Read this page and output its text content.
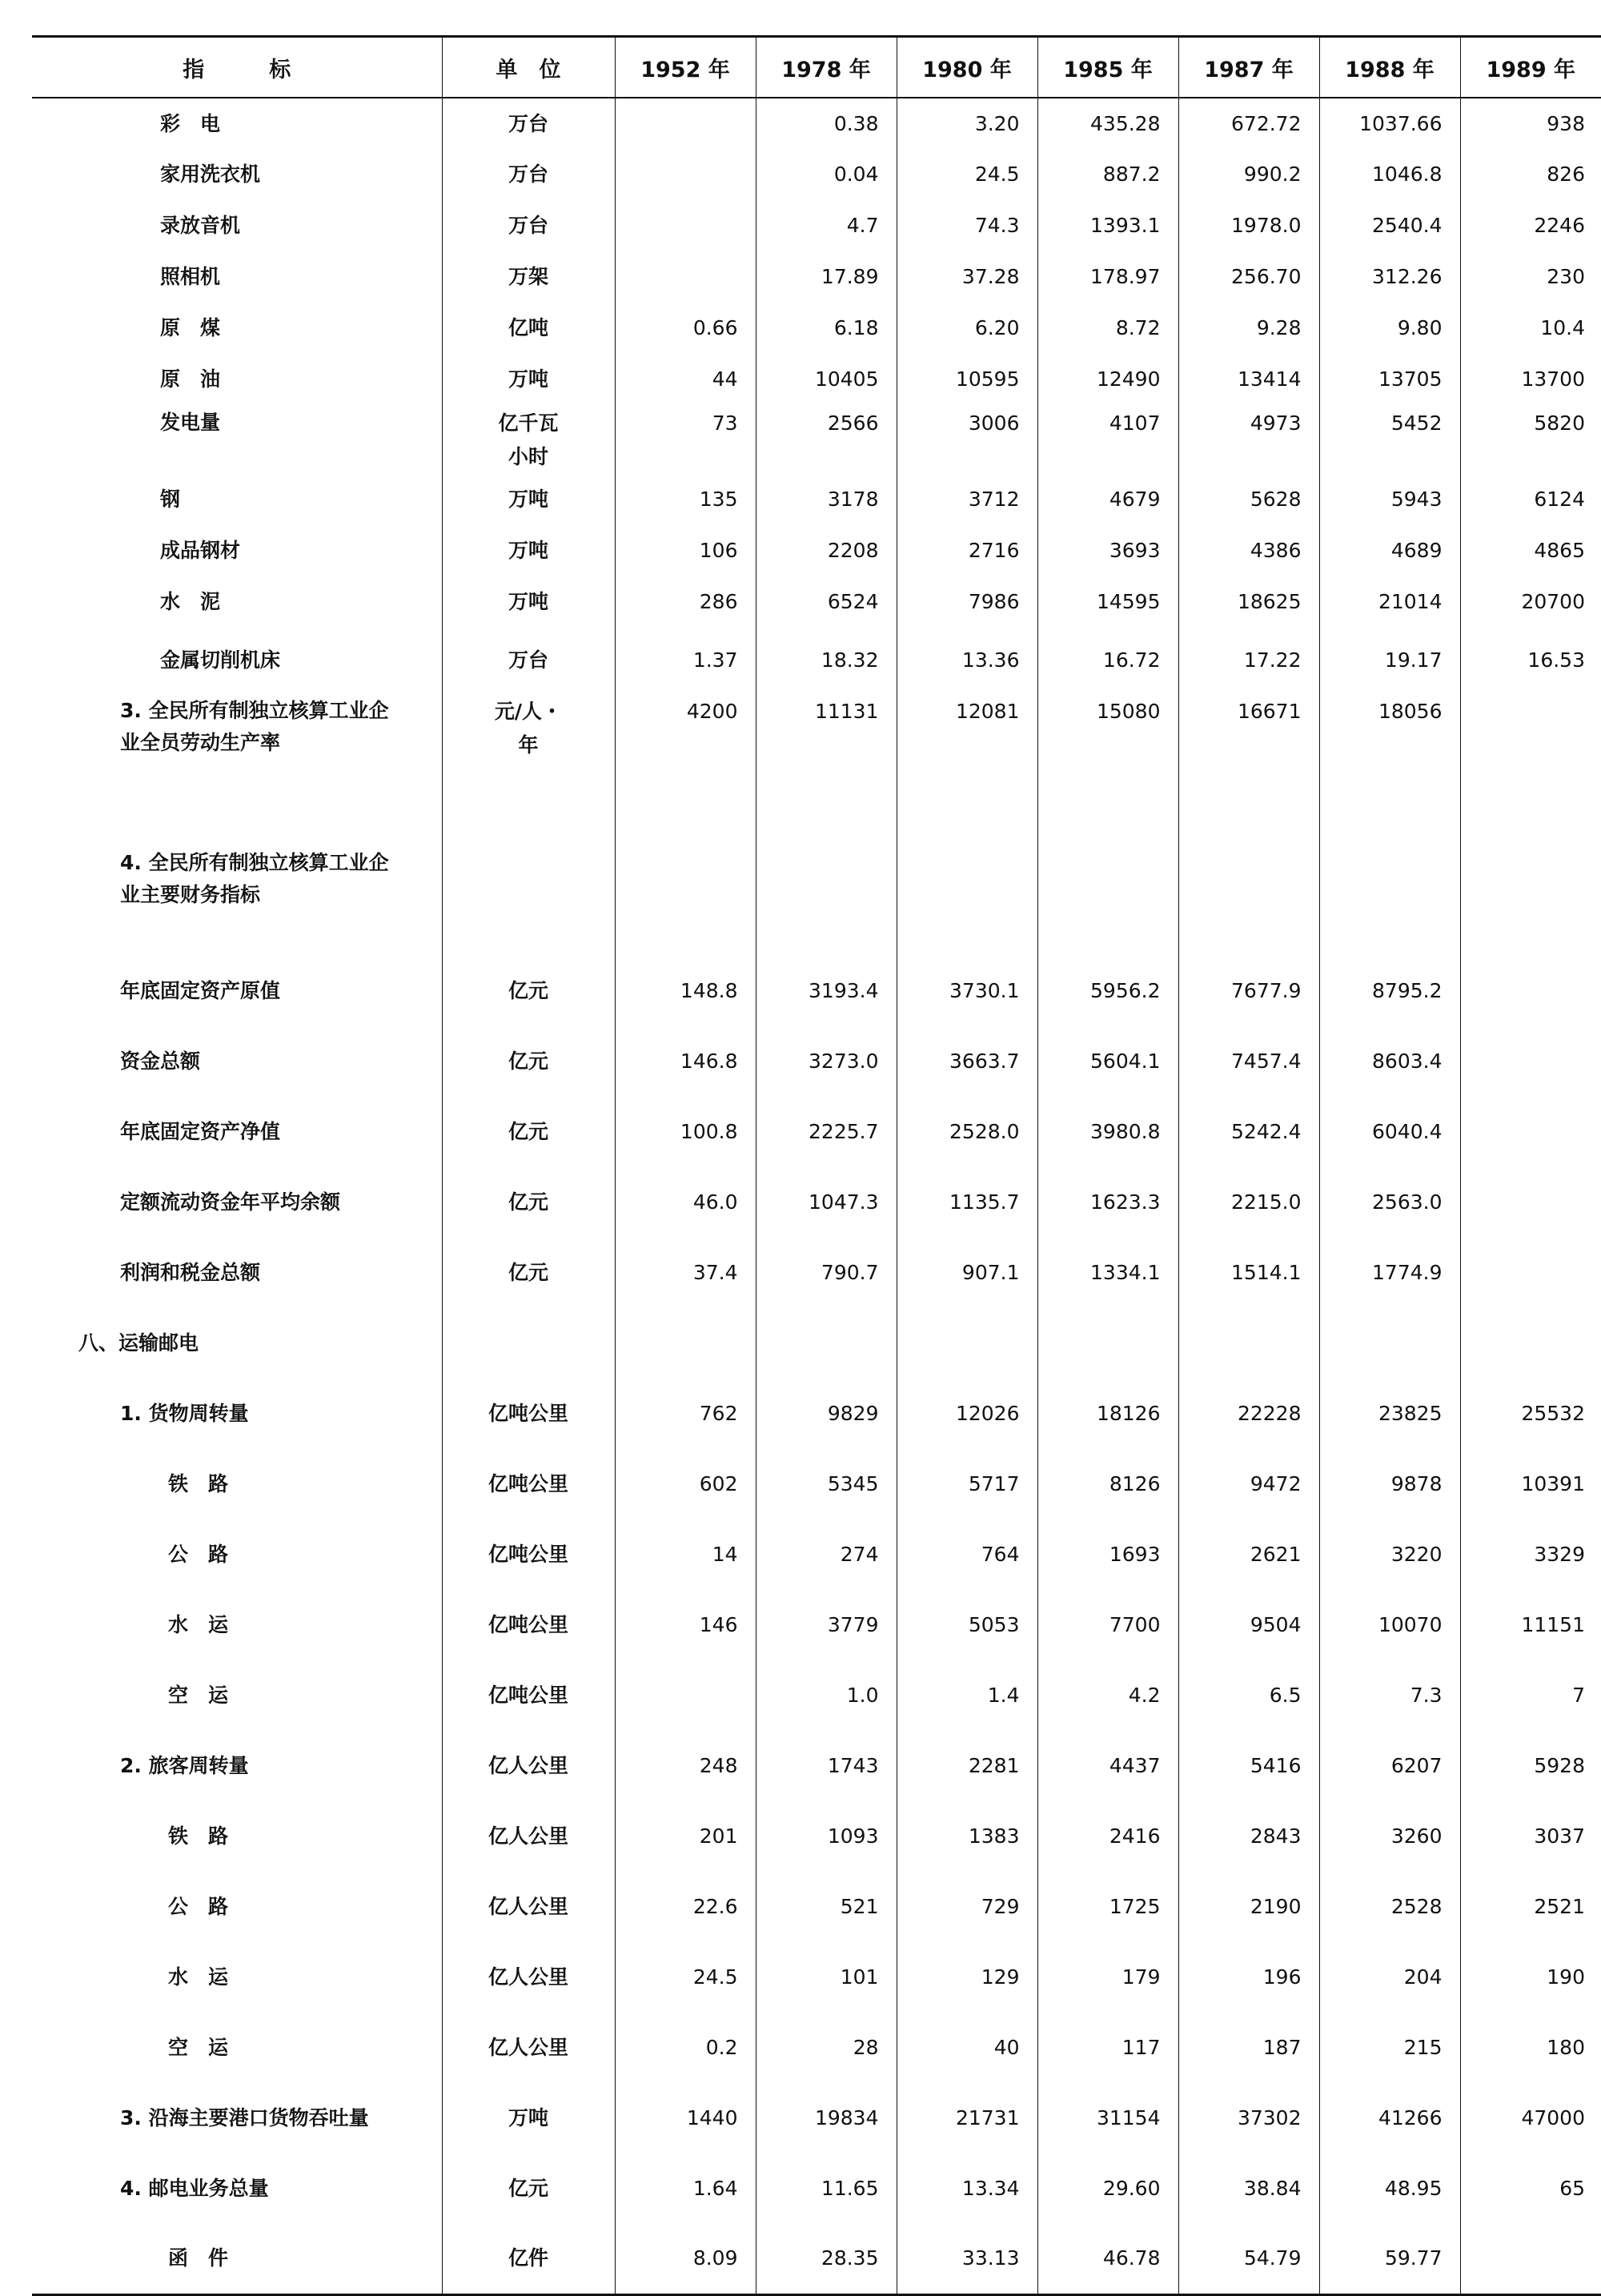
指　　　标	单　位	1952 年	1978 年	1980 年	1985 年	1987 年	1988 年	1989 年
彩　电	万台		0.38	3.20	435.28	672.72	1037.66	938
家用洗衣机	万台		0.04	24.5	887.2	990.2	1046.8	826
录放音机	万台		4.7	74.3	1393.1	1978.0	2540.4	2246
照相机	万架		17.89	37.28	178.97	256.70	312.26	230
原　煤	亿吨	0.66	6.18	6.20	8.72	9.28	9.80	10.4
原　油	万吨	44	10405	10595	12490	13414	13705	13700
发电量	亿千瓦小时	73	2566	3006	4107	4973	5452	5820
钢	万吨	135	3178	3712	4679	5628	5943	6124
成品钢材	万吨	106	2208	2716	3693	4386	4689	4865
水　泥	万吨	286	6524	7986	14595	18625	21014	20700
金属切削机床	万台	1.37	18.32	13.36	16.72	17.22	19.17	16.53
3. 全民所有制独立核算工业企业全员劳动生产率	元/人・年	4200	11131	12081	15080	16671	18056	
4. 全民所有制独立核算工业企业主要财务指标								
年底固定资产原值	亿元	148.8	3193.4	3730.1	5956.2	7677.9	8795.2	
资金总额	亿元	146.8	3273.0	3663.7	5604.1	7457.4	8603.4	
年底固定资产净值	亿元	100.8	2225.7	2528.0	3980.8	5242.4	6040.4	
定额流动资金年平均余额	亿元	46.0	1047.3	1135.7	1623.3	2215.0	2563.0	
利润和税金总额	亿元	37.4	790.7	907.1	1334.1	1514.1	1774.9	
八、运输邮电								
1. 货物周转量	亿吨公里	762	9829	12026	18126	22228	23825	25532
铁　路	亿吨公里	602	5345	5717	8126	9472	9878	10391
公　路	亿吨公里	14	274	764	1693	2621	3220	3329
水　运	亿吨公里	146	3779	5053	7700	9504	10070	11151
空　运	亿吨公里		1.0	1.4	4.2	6.5	7.3	7
2. 旅客周转量	亿人公里	248	1743	2281	4437	5416	6207	5928
铁　路	亿人公里	201	1093	1383	2416	2843	3260	3037
公　路	亿人公里	22.6	521	729	1725	2190	2528	2521
水　运	亿人公里	24.5	101	129	179	196	204	190
空　运	亿人公里	0.2	28	40	117	187	215	180
3. 沿海主要港口货物吞吐量	万吨	1440	19834	21731	31154	37302	41266	47000
4. 邮电业务总量	亿元	1.64	11.65	13.34	29.60	38.84	48.95	65
函　件	亿件	8.09	28.35	33.13	46.78	54.79	59.77	
